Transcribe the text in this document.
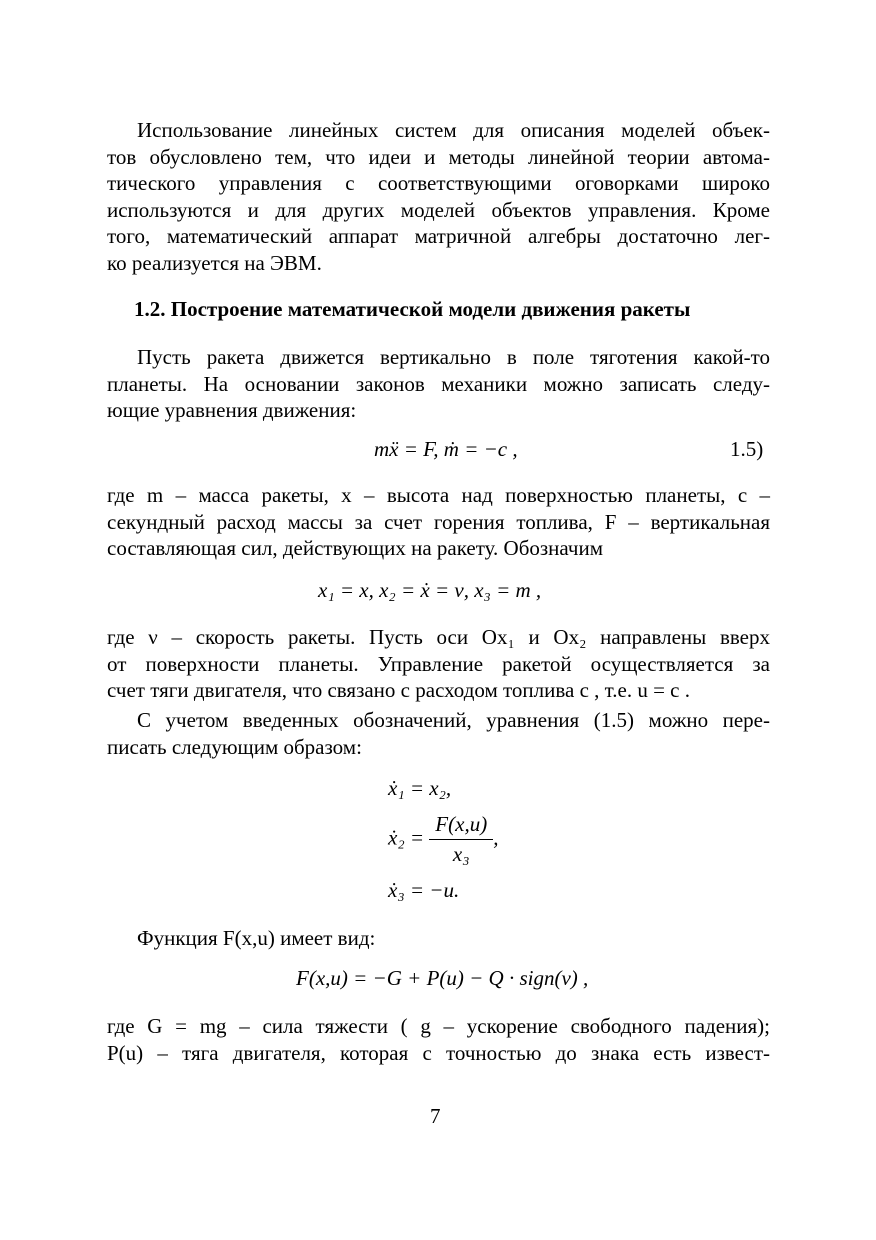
Использование линейных систем для описания моделей объек-
тов обусловлено тем, что идеи и методы линейной теории автома-
тического управления с соответствующими оговорками широко
используются и для других моделей объектов управления. Кроме
того, математический аппарат матричной алгебры достаточно лег-
ко реализуется на ЭВМ.
1.2. Построение математической модели движения ракеты
Пусть ракета движется вертикально в поле тяготения какой-то
планеты. На основании законов механики можно записать следу-
ющие уравнения движения:
mẍ = F, ṁ = −c ,	1.5)
где m – масса ракеты, x – высота над поверхностью планеты, c –
секундный расход массы за счет горения топлива, F – вертикальная
составляющая сил, действующих на ракету. Обозначим
x₁ = x, x₂ = ẋ = ν, x₃ = m ,
где ν – скорость ракеты. Пусть оси Ox₁ и Ox₂ направлены вверх
от поверхности планеты. Управление ракетой осуществляется за
счет тяги двигателя, что связано с расходом топлива c , т.е. u = c .
С учетом введенных обозначений, уравнения (1.5) можно пере-
писать следующим образом:
ẋ₁ = x₂,
ẋ₂ = $\frac{F(x,u)}{\text{x₃}}$ ,
ẋ₃ = −u.
Функция F(x,u) имеет вид:
F(x,u) = −G + P(u) − Q · sign(ν) ,
где G = mg – сила тяжести ( g – ускорение свободного падения);
P(u) – тяга двигателя, которая с точностью до знака есть извест-
7
